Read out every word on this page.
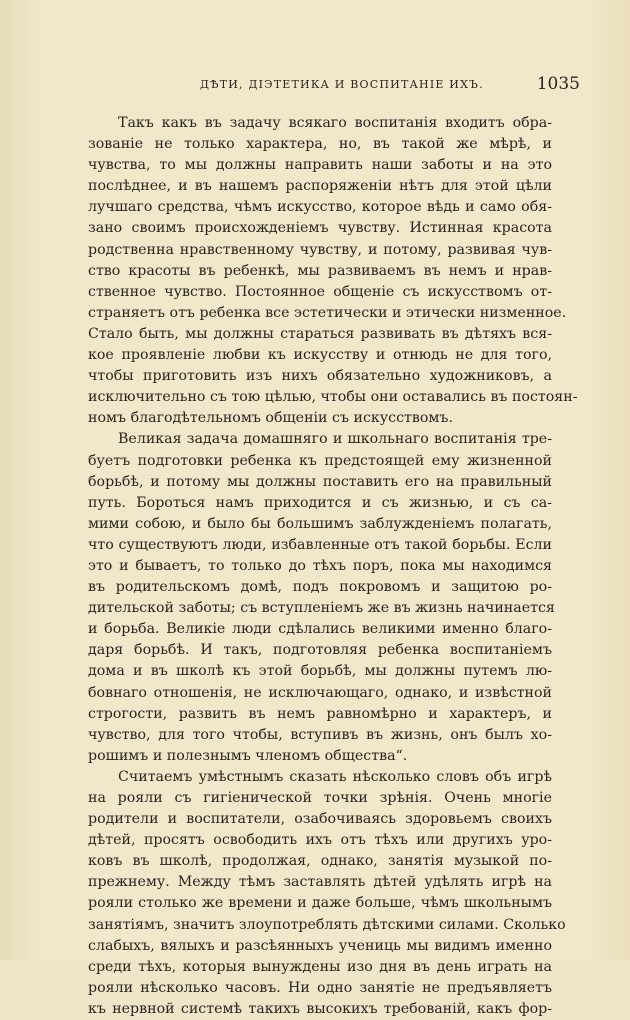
ДѢТИ, ДІЭТЕТИКА И ВОСПИТАНІЕ ИХЪ.	1035
Такъ какъ въ задачу всякаго воспитанія входитъ обра-
зованіе не только характера, но, въ такой же мѣрѣ, и
чувства, то мы должны направить наши заботы и на это
послѣднее, и въ нашемъ распоряженіи нѣтъ для этой цѣли
лучшаго средства, чѣмъ искусство, которое вѣдь и само обя-
зано своимъ происхожденіемъ чувству. Истинная красота
родственна нравственному чувству, и потому, развивая чув-
ство красоты въ ребенкѣ, мы развиваемъ въ немъ и нрав-
ственное чувство. Постоянное общеніе съ искусствомъ от-
страняетъ отъ ребенка все эстетически и этически низменное.
Стало быть, мы должны стараться развивать въ дѣтяхъ вся-
кое проявленіе любви къ искусству и отнюдь не для того,
чтобы приготовить изъ нихъ обязательно художниковъ, а
исключительно съ тою цѣлью, чтобы они оставались въ постоян-
номъ благодѣтельномъ общеніи съ искусствомъ.
Великая задача домашняго и школьнаго воспитанія тре-
буетъ подготовки ребенка къ предстоящей ему жизненной
борьбѣ, и потому мы должны поставить его на правильный
путь. Бороться намъ приходится и съ жизнью, и съ са-
мими собою, и было бы большимъ заблужденіемъ полагать,
что существуютъ люди, избавленные отъ такой борьбы. Если
это и бываетъ, то только до тѣхъ поръ, пока мы находимся
въ родительскомъ домѣ, подъ покровомъ и защитою ро-
дительской заботы; съ вступленіемъ же въ жизнь начинается
и борьба. Великіе люди сдѣлались великими именно благо-
даря борьбѣ. И такъ, подготовляя ребенка воспитаніемъ
дома и въ школѣ къ этой борьбѣ, мы должны путемъ лю-
бовнаго отношенія, не исключающаго, однако, и извѣстной
строгости, развить въ немъ равномѣрно и характеръ, и
чувство, для того чтобы, вступивъ въ жизнь, онъ былъ хо-
рошимъ и полезнымъ членомъ общества“.
Считаемъ умѣстнымъ сказать нѣсколько словъ объ игрѣ
на рояли съ гигіенической точки зрѣнія. Очень многіе
родители и воспитатели, озабочиваясь здоровьемъ своихъ
дѣтей, просятъ освободить ихъ отъ тѣхъ или другихъ уро-
ковъ въ школѣ, продолжая, однако, занятія музыкой по-
прежнему. Между тѣмъ заставлять дѣтей удѣлять игрѣ на
рояли столько же времени и даже больше, чѣмъ школьнымъ
занятіямъ, значитъ злоупотреблять дѣтскими силами. Сколько
слабыхъ, вялыхъ и разсѣянныхъ учениць мы видимъ именно
среди тѣхъ, которыя вынуждены изо дня въ день играть на
рояли нѣсколько часовъ. Ни одно занятіе не предъявляетъ
къ нервной системѣ такихъ высокихъ требованій, какъ фор-
